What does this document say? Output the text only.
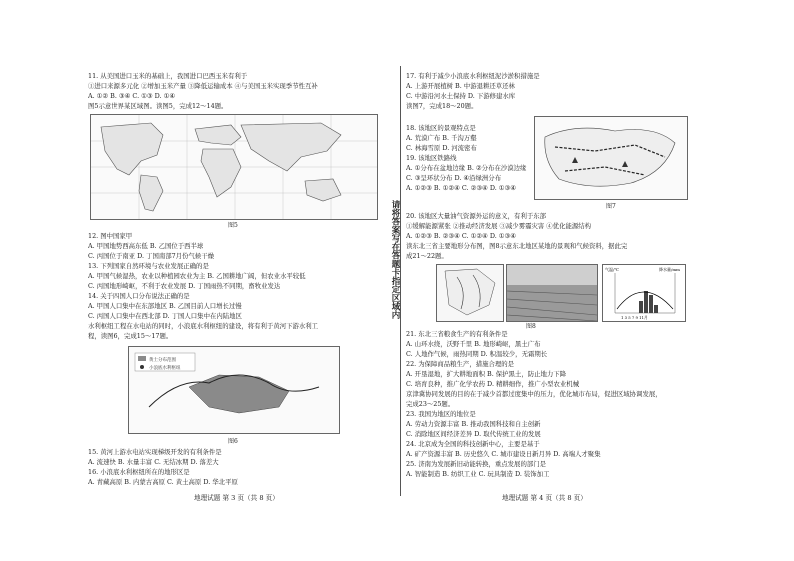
请将答案写在答题卡指定区域内
11. 从美国进口玉米的基础上，我国进口巴西玉米有利于
①进口来源多元化 ②增加玉米产量 ③降低运输成本 ④与美国玉米实现季节性互补
A. ①② B. ③④ C. ①③ D. ①④
图5示意世界某区域图。读图5，完成12～14题。
图5
12. 图中国家甲
A. 甲国地势西高东低 B. 乙国位于西半球
C. 丙国位于南亚 D. 丁国南部7月份气候干燥
13. 下列国家自然环境与农业发展正确的是
A. 甲国气候湿热，农业以种植园农业为主 B. 乙国耕地广阔，但农业水平较低
C. 丙国地形崎岖，不利于农业发展 D. 丁国雨热不同期，畜牧业发达
14. 关于四国人口分布说法正确的是
A. 甲国人口集中在东部地区 B. 乙国目前人口增长过慢
C. 丙国人口集中在西北部 D. 丁国人口集中在内陆地区
水利枢纽工程在水电站的同时，小浪底水利枢纽的建设，将有利于黄河下游水利工
程，读图6，完成15～17题。
黄土分布范围
小浪底水利枢纽
图6
15. 黄河上游水电站实现梯级开发的有利条件是
A. 流速快 B. 水量丰富 C. 无结冰期 D. 落差大
16. 小浪底水利枢纽所在的地形区是
A. 青藏高原 B. 内蒙古高原 C. 黄土高原 D. 华北平原
地理试题 第 3 页（共 8 页）
17. 有利于减少小浪底水利枢纽泥沙淤积措施是
A. 上游开展植树 B. 中游退耕还草还林
C. 中游沿河水土保持 D. 下游修建水库
读图7，完成18～20题。
图7
18. 该地区的景观特点是
A. 荒漠广布 B. 千沟万壑
C. 林海雪原 D. 河流密布
19. 该地区铁路线
A. ①分布在盆地边缘 B. ②分布在沙漠边缘
C. ③呈环状分布 D. ④沿绿洲分布
A. ①②③ B. ①②④ C. ②③④ D. ①③④
20. 该地区大量油气资源外运的意义，有利于东部
①缓解能源紧张 ②推动经济发展 ③减少雾霾灾害 ④优化能源结构
A. ①②③ B. ②③④ C. ①②④ D. ①③④
读东北三省主要地形分布图，图8示意东北地区某地的景观和气候资料，据此完
成21～22题。
气温/℃	降水量/mm
1 3 5 7 9 11月
图8
21. 东北三省粮食生产的有利条件是
A. 山环水绕，沃野千里 B. 地形崎岖，黑土广布
C. 人地作气候，雨热同期 D. 积温较少，无霜期长
22. 为保障商品粮生产，措施合理的是
A. 开垦湿地，扩大耕地面积 B. 保护黑土，防止地力下降
C. 培育良种，推广化学农药 D. 精耕细作，推广小型农业机械
京津冀协同发展的目的在于减少首都过度集中的压力，优化城市布局，促进区域协调发展，
完成23～25题。
23. 我国为地区的地位是
A. 劳动力资源丰富 B. 推动我国科技和自主创新
C. 消除地区间经济差异 D. 取代传统工业的发展
24. 北京成为全国的科技创新中心，主要是基于
A. 矿产资源丰富 B. 历史悠久 C. 城市建设日新月异 D. 高端人才聚集
25. 济南为发展新旧动能转换，重点发展的部门是
A. 智能制造 B. 纺织工业 C. 玩具制造 D. 装饰加工
地理试题 第 4 页（共 8 页）
